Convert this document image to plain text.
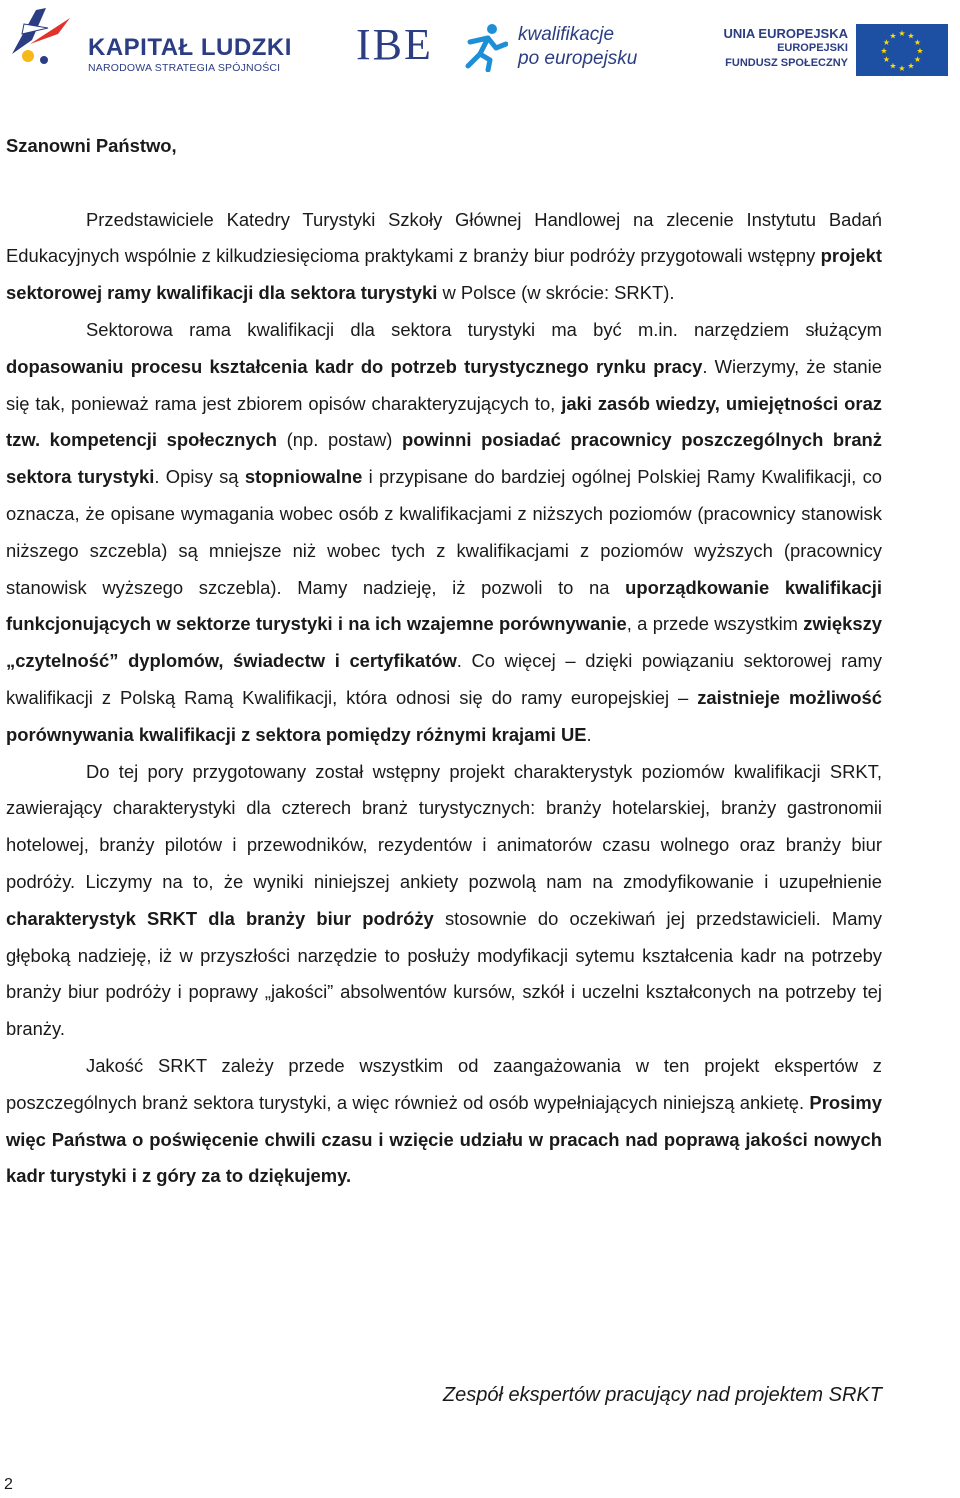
KAPITAŁ LUDZKI
NARODOWA STRATEGIA SPÓJNOŚCI IBE	kwalifikacje
po europejsku
UNIA EUROPEJSKA
EUROPEJSKI
FUNDUSZ SPOŁECZNY
★ ★
★
★
★
★
★
★
★
★
★
★

Szanowni Państwo,

Przedstawiciele Katedry Turystyki Szkoły Głównej Handlowej na zlecenie Instytutu Badań Edukacyjnych wspólnie z kilkudziesięcioma praktykami z branży biur podróży przygotowali wstępny projekt sektorowej ramy kwalifikacji dla sektora turystyki w Polsce (w skrócie: SRKT).

Sektorowa rama kwalifikacji dla sektora turystyki ma być m.in. narzędziem służącym dopasowaniu procesu kształcenia kadr do potrzeb turystycznego rynku pracy. Wierzymy, że stanie się tak, ponieważ rama jest zbiorem opisów charakteryzujących to, jaki zasób wiedzy, umiejętności oraz tzw. kompetencji społecznych (np. postaw) powinni posiadać pracownicy poszczególnych branż sektora turystyki. Opisy są stopniowalne i przypisane do bardziej ogólnej Polskiej Ramy Kwalifikacji, co oznacza, że opisane wymagania wobec osób z kwalifikacjami z niższych poziomów (pracownicy stanowisk niższego szczebla) są mniejsze niż wobec tych z kwalifikacjami z poziomów wyższych (pracownicy stanowisk wyższego szczebla). Mamy nadzieję, iż pozwoli to na uporządkowanie kwalifikacji funkcjonujących w sektorze turystyki i na ich wzajemne porównywanie, a przede wszystkim zwiększy „czytelność” dyplomów, świadectw i certyfikatów. Co więcej – dzięki powiązaniu sektorowej ramy kwalifikacji z Polską Ramą Kwalifikacji, która odnosi się do ramy europejskiej – zaistnieje możliwość porównywania kwalifikacji z sektora pomiędzy różnymi krajami UE.

Do tej pory przygotowany został wstępny projekt charakterystyk poziomów kwalifikacji SRKT, zawierający charakterystyki dla czterech branż turystycznych: branży hotelarskiej, branży gastronomii hotelowej, branży pilotów i przewodników, rezydentów i animatorów czasu wolnego oraz branży biur podróży. Liczymy na to, że wyniki niniejszej ankiety pozwolą nam na zmodyfikowanie i uzupełnienie charakterystyk SRKT dla branży biur podróży stosownie do oczekiwań jej przedstawicieli. Mamy głęboką nadzieję, iż w przyszłości narzędzie to posłuży modyfikacji sytemu kształcenia kadr na potrzeby branży biur podróży i poprawy „jakości” absolwentów kursów, szkół i uczelni kształconych na potrzeby tej branży.

Jakość SRKT zależy przede wszystkim od zaangażowania w ten projekt ekspertów z poszczególnych branż sektora turystyki, a więc również od osób wypełniających niniejszą ankietę. Prosimy więc Państwa o poświęcenie chwili czasu i wzięcie udziału w pracach nad poprawą jakości nowych kadr turystyki i z góry za to dziękujemy.

Zespół ekspertów pracujący nad projektem SRKT
2
